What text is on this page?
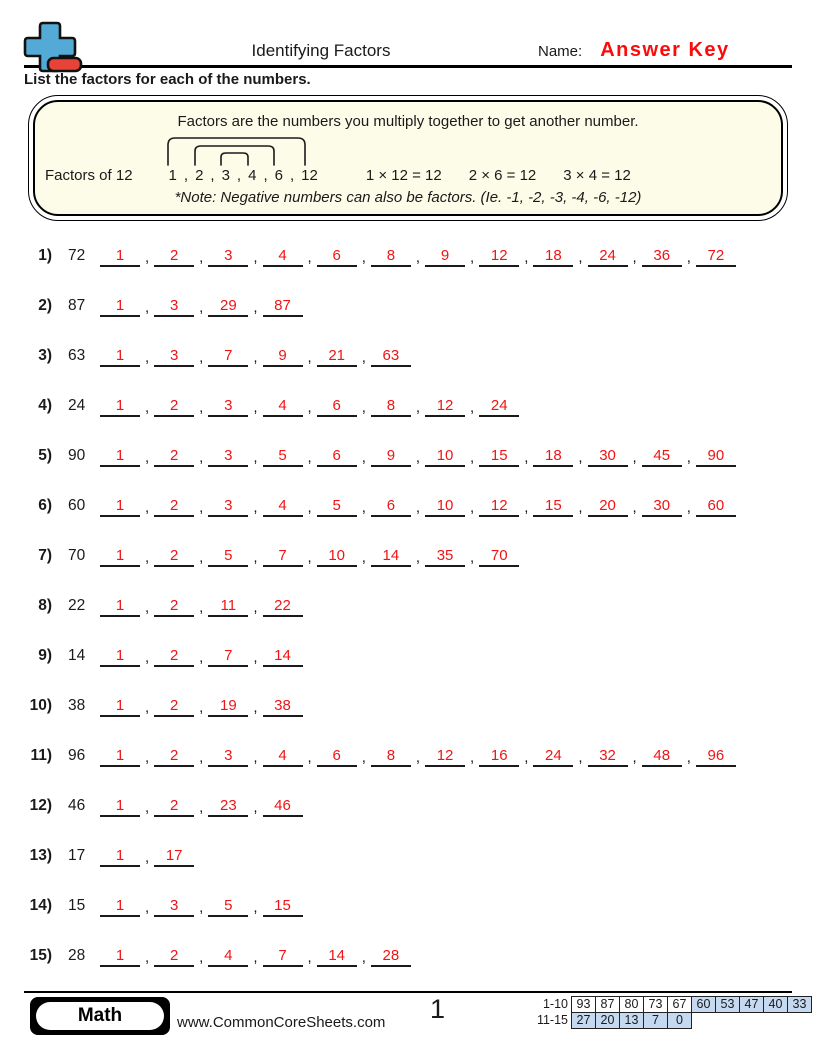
Identifying Factors	Name: Answer Key
List the factors for each of the numbers.
Factors are the numbers you multiply together to get another number.
Factors of 12 1 , 2 , 3 , 4 , 6 , 12	1 × 12 = 12 2 × 6 = 12 3 × 4 = 12
*Note: Negative numbers can also be factors. (Ie. -1, -2, -3, -4, -6, -12)
1) 72	1 , 2 , 3 , 4 , 6 , 8 , 9 , 12 , 18 , 24 , 36 , 72
2) 87	1 , 3 , 29 , 87
3) 63	1 , 3 , 7 , 9 , 21 , 63
4) 24	1 , 2 , 3 , 4 , 6 , 8 , 12 , 24
5) 90	1 , 2 , 3 , 5 , 6 , 9 , 10 , 15 , 18 , 30 , 45 , 90
6) 60	1 , 2 , 3 , 4 , 5 , 6 , 10 , 12 , 15 , 20 , 30 , 60
7) 70	1 , 2 , 5 , 7 , 10 , 14 , 35 , 70
8) 22	1 , 2 , 11 , 22
9) 14	1 , 2 , 7 , 14
10) 38	1 , 2 , 19 , 38
11) 96	1 , 2 , 3 , 4 , 6 , 8 , 12 , 16 , 24 , 32 , 48 , 96
12) 46	1 , 2 , 23 , 46
13) 17	1 , 17
14) 15	1 , 3 , 5 , 15
15) 28	1 , 2 , 4 , 7 , 14 , 28
Math	www.CommonCoreSheets.com 1	1-10 93 87 80 73 67 60 53 47 40 33
11-15 27 20 13	7	0
